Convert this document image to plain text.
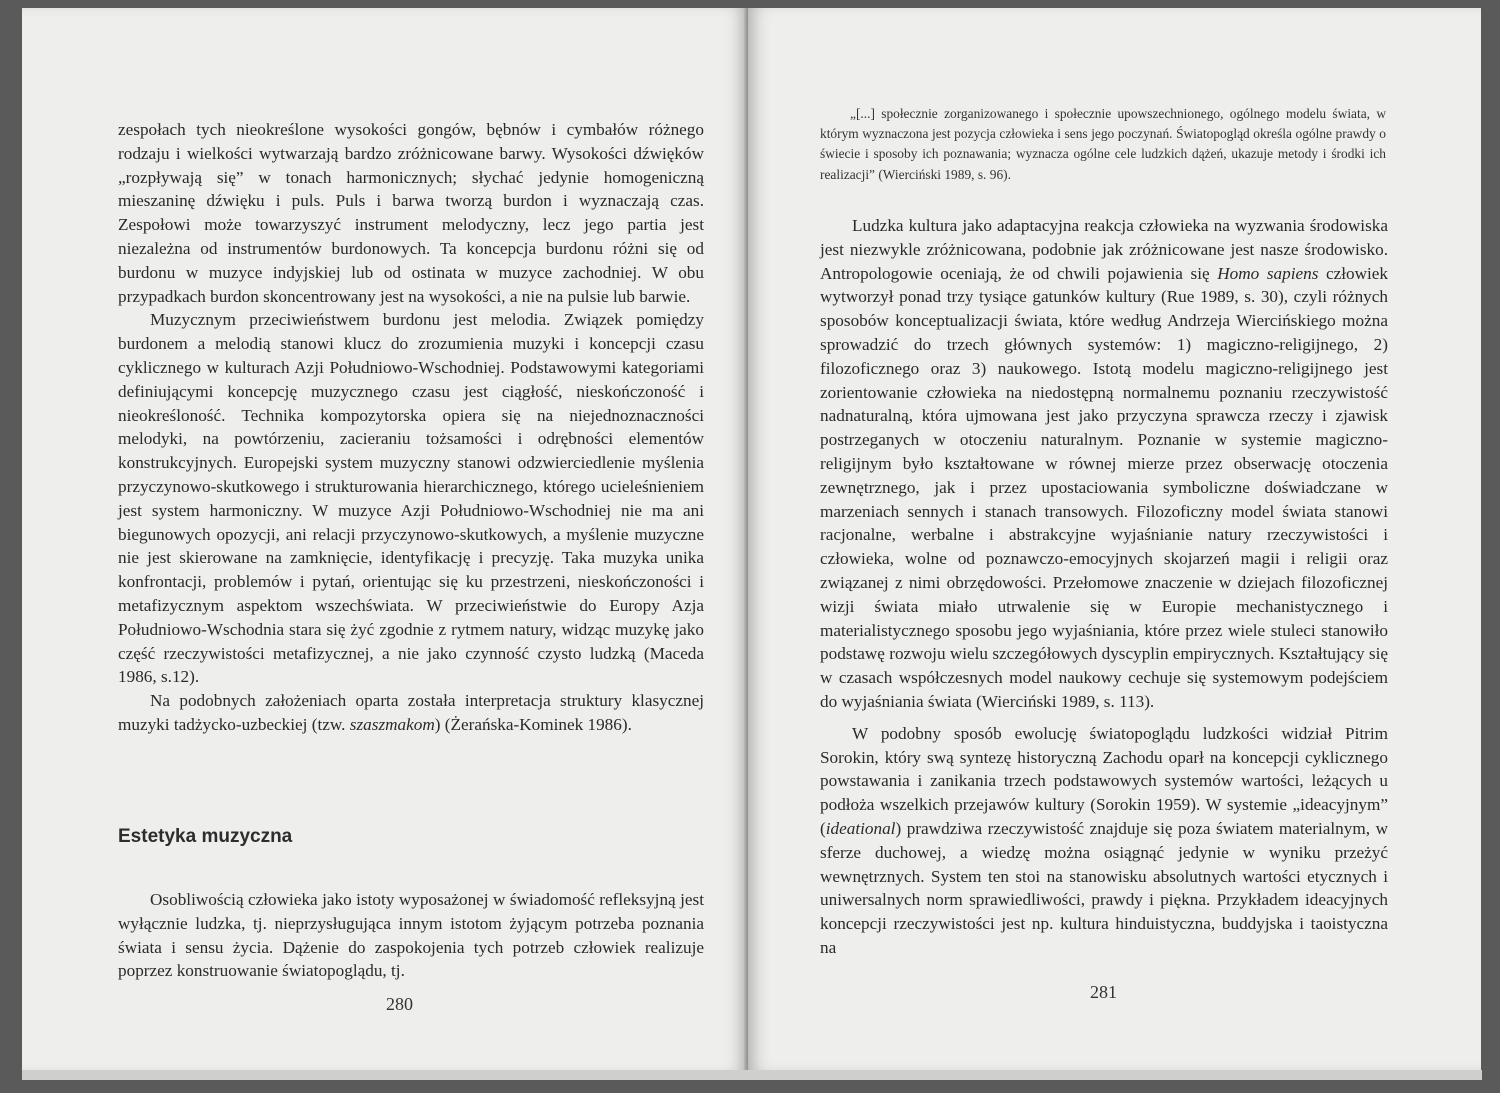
zespołach tych nieokreślone wysokości gongów, bębnów i cymbałów różnego rodzaju i wielkości wytwarzają bardzo zróżnicowane barwy. Wysokości dźwięków „rozpływają się” w tonach harmonicznych; słychać jedynie homogeniczną mieszaninę dźwięku i puls. Puls i barwa tworzą burdon i wyznaczają czas. Zespołowi może towarzyszyć instrument melodyczny, lecz jego partia jest niezależna od instrumentów burdonowych. Ta koncepcja burdonu różni się od burdonu w muzyce indyjskiej lub od ostinata w muzyce zachodniej. W obu przypadkach burdon skoncentrowany jest na wysokości, a nie na pulsie lub barwie.

Muzycznym przeciwieństwem burdonu jest melodia. Związek pomiędzy burdonem a melodią stanowi klucz do zrozumienia muzyki i koncepcji czasu cyklicznego w kulturach Azji Południowo-Wschodniej. Podstawowymi kategoriami definiującymi koncepcję muzycznego czasu jest ciągłość, nieskończoność i nieokreśloność. Technika kompozytorska opiera się na niejednoznaczności melodyki, na powtórzeniu, zacieraniu tożsamości i odrębności elementów konstrukcyjnych. Europejski system muzyczny stanowi odzwierciedlenie myślenia przyczynowo-skutkowego i strukturowania hierarchicznego, którego ucieleśnieniem jest system harmoniczny. W muzyce Azji Południowo-Wschodniej nie ma ani biegunowych opozycji, ani relacji przyczynowo-skutkowych, a myślenie muzyczne nie jest skierowane na zamknięcie, identyfikację i precyzję. Taka muzyka unika konfrontacji, problemów i pytań, orientując się ku przestrzeni, nieskończoności i metafizycznym aspektom wszechświata. W przeciwieństwie do Europy Azja Południowo-Wschodnia stara się żyć zgodnie z rytmem natury, widząc muzykę jako część rzeczywistości metafizycznej, a nie jako czynność czysto ludzką (Maceda 1986, s.12).

Na podobnych założeniach oparta została interpretacja struktury klasycznej muzyki tadżycko-uzbeckiej (tzw. szaszmakom) (Żerańska-Kominek 1986).

Estetyka muzyczna

Osobliwością człowieka jako istoty wyposażonej w świadomość refleksyjną jest wyłącznie ludzka, tj. nieprzysługująca innym istotom żyjącym potrzeba poznania świata i sensu życia. Dążenie do zaspokojenia tych potrzeb człowiek realizuje poprzez konstruowanie światopoglądu, tj.

280

„[...] społecznie zorganizowanego i społecznie upowszechnionego, ogólnego modelu świata, w którym wyznaczona jest pozycja człowieka i sens jego poczynań. Światopogląd określa ogólne prawdy o świecie i sposoby ich poznawania; wyznacza ogólne cele ludzkich dążeń, ukazuje metody i środki ich realizacji” (Wierciński 1989, s. 96).

Ludzka kultura jako adaptacyjna reakcja człowieka na wyzwania środowiska jest niezwykle zróżnicowana, podobnie jak zróżnicowane jest nasze środowisko. Antropologowie oceniają, że od chwili pojawienia się Homo sapiens człowiek wytworzył ponad trzy tysiące gatunków kultury (Rue 1989, s. 30), czyli różnych sposobów konceptualizacji świata, które według Andrzeja Wiercińskiego można sprowadzić do trzech głównych systemów: 1) magiczno-religijnego, 2) filozoficznego oraz 3) naukowego. Istotą modelu magiczno-religijnego jest zorientowanie człowieka na niedostępną normalnemu poznaniu rzeczywistość nadnaturalną, która ujmowana jest jako przyczyna sprawcza rzeczy i zjawisk postrzeganych w otoczeniu naturalnym. Poznanie w systemie magiczno-religijnym było kształtowane w równej mierze przez obserwację otoczenia zewnętrznego, jak i przez upostaciowania symboliczne doświadczane w marzeniach sennych i stanach transowych. Filozoficzny model świata stanowi racjonalne, werbalne i abstrakcyjne wyjaśnianie natury rzeczywistości i człowieka, wolne od poznawczo-emocyjnych skojarzeń magii i religii oraz związanej z nimi obrzędowości. Przełomowe znaczenie w dziejach filozoficznej wizji świata miało utrwalenie się w Europie mechanistycznego i materialistycznego sposobu jego wyjaśniania, które przez wiele stuleci stanowiło podstawę rozwoju wielu szczegółowych dyscyplin empirycznych. Kształtujący się w czasach współczesnych model naukowy cechuje się systemowym podejściem do wyjaśniania świata (Wierciński 1989, s. 113).

W podobny sposób ewolucję światopoglądu ludzkości widział Pitrim Sorokin, który swą syntezę historyczną Zachodu oparł na koncepcji cyklicznego powstawania i zanikania trzech podstawowych systemów wartości, leżących u podłoża wszelkich przejawów kultury (Sorokin 1959). W systemie „ideacyjnym” (ideational) prawdziwa rzeczywistość znajduje się poza światem materialnym, w sferze duchowej, a wiedzę można osiągnąć jedynie w wyniku przeżyć wewnętrznych. System ten stoi na stanowisku absolutnych wartości etycznych i uniwersalnych norm sprawiedliwości, prawdy i piękna. Przykładem ideacyjnych koncepcji rzeczywistości jest np. kultura hinduistyczna, buddyjska i taoistyczna na

281
